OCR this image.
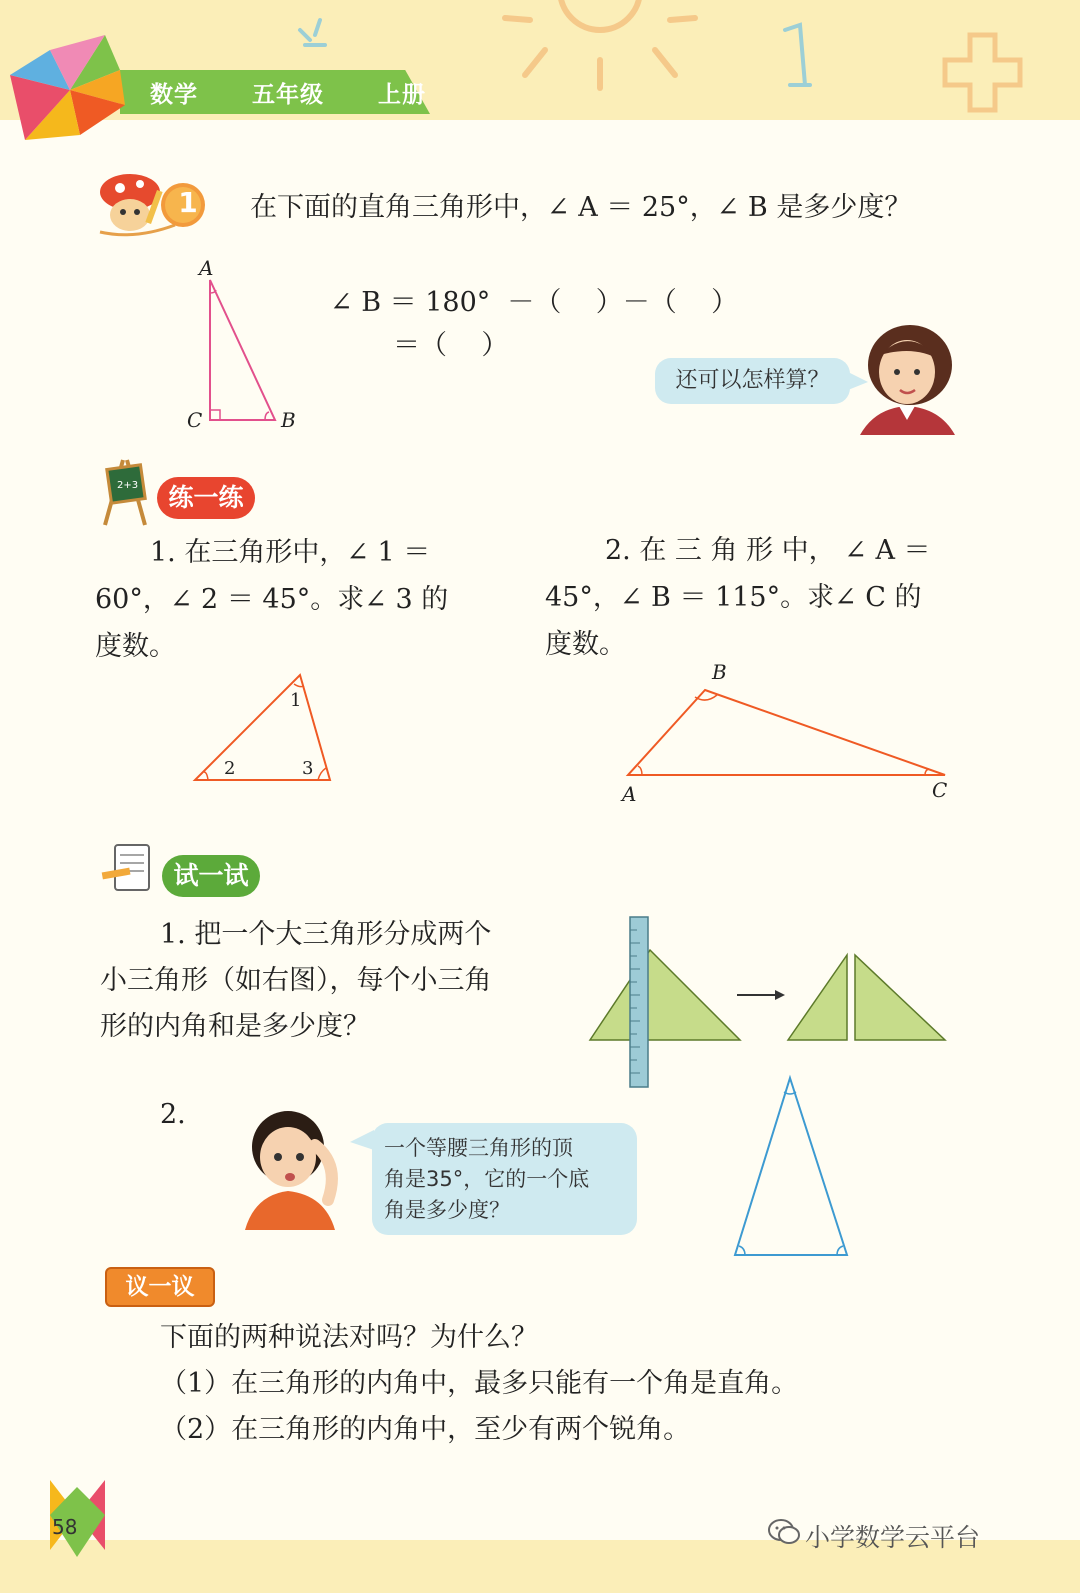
数学  五年级  上册
1	在下面的直角三角形中，∠ A ＝ 25°，∠ B 是多少度？
A
C	B
∠ B ＝ 180°  －（    ）－（    ）
＝（    ）
还可以怎样算？
2+3	练一练
1. 在三角形中，∠ 1 ＝
60°，∠ 2 ＝ 45°。求∠ 3 的
度数。
2. 在 三 角 形 中， ∠ A ＝
45°，∠ B ＝ 115°。求∠ C 的
度数。
1
2	3
B
A	C
试一试
1. 把一个大三角形分成两个
小三角形（如右图），每个小三角
形的内角和是多少度？
2.
一个等腰三角形的顶
角是35°，它的一个底
角是多少度？
议一议
下面的两种说法对吗？为什么？
（1）在三角形的内角中，最多只能有一个角是直角。
（2）在三角形的内角中，至少有两个锐角。
58	小学数学云平台
